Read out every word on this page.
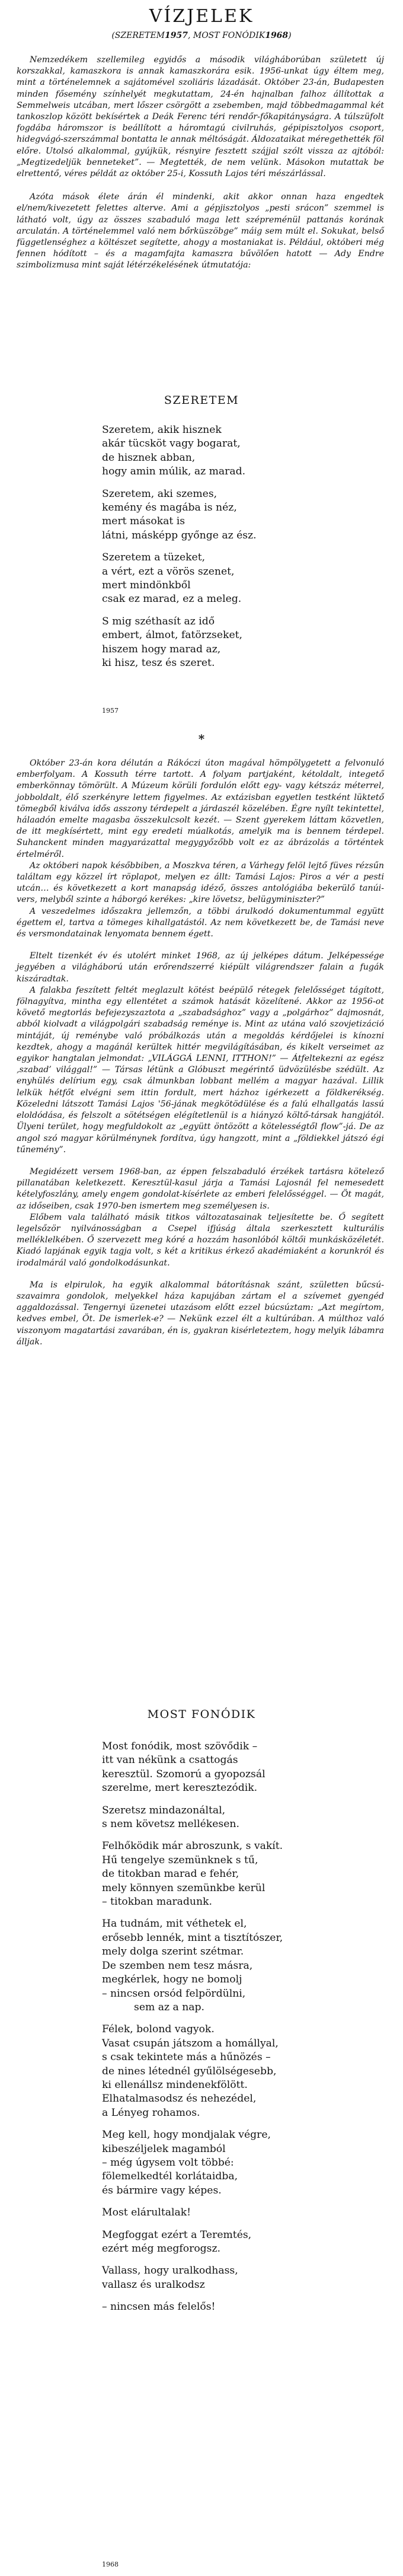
VÍZJELEK

(SZERETEM1957, MOST FONÓDIK1968)

Nemzedékem szellemileg egyidős a második világháborúban született új korszakkal, kamaszkora is annak kamaszkorára esik. 1956-unkat úgy éltem meg, mint a történelemnek a sajátomével szoliáris lázadását. Október 23-án, Budapesten minden fősemény színhelyét megkutattam, 24-én hajnalban falhoz állítottak a Semmelweis utcában, mert lőszer csörgött a zsebemben, majd többedmagammal két tankoszlop között bekísértek a Deák Ferenc téri rendőr-főkapitányságra. A túlszüfolt fogdába háromszor is beállított a háromtagú civilruhás, gépipisztolyos csoport, hidegvágó-szerszámmal bontatta le annak méltóságát. Áldozataikat méregethették föl előre. Utolsó alkalommal, gyújkük, résnyire fesztett szájjal szólt vissza az ajtóból: „Megtizedeljük benneteket”. — Megtették, de nem velünk. Másokon mutattak be elrettentő, véres példát az október 25-i, Kossuth Lajos téri mészárlással.

Azóta mások élete árán él mindenki, akit akkor onnan haza engedtek el/nem/kivezetett felettes alterve. Ami a gépjisztolyos „pesti srácon” szemmel is látható volt, úgy az összes szabaduló maga lett szépreménül pattanás korának arculatán. A történelemmel való nem bőrküszöbge” máig sem múlt el. Sokukat, belső függetlenséghez a költészet segítette, ahogy a mostaniakat is. Például, októberi még fennen hódított – és a magamfajta kamaszra bűvölően hatott — Ady Endre szimbolizmusa mint saját létérzékelésének útmutatója:

SZERETEM
Szeretem, akik hisznek
akár tücsköt vagy bogarat,
de hisznek abban,
hogy amin múlik, az marad.
Szeretem, aki szemes,
kemény és magába is néz,
mert másokat is
látni, másképp győnge az ész.
Szeretem a tüzeket,
a vért, ezt a vörös szenet,
mert mindönkből
csak ez marad, ez a meleg.
S mig széthasít az idő
embert, álmot, fatörzseket,
hiszem hogy marad az,
ki hisz, tesz és szeret.
1957
*

Október 23-án kora délután a Rákóczi úton magával hömpölygetett a felvonuló emberfolyam. A Kossuth térre tartott. A folyam partjaként, kétoldalt, integető emberkönnay tömörült. A Múzeum körüli fordulón előtt egy- vagy kétszáz méterrel, jobboldalt, élő szerkényre lettem figyelmes. Az extázisban egyetlen testként lüktető tömegből kiválva idős asszony térdepelt a járdaszél közelében. Égre nyílt tekintettel, hálaadón emelte magasba összekulcsolt kezét. — Szent gyerekem láttam közvetlen, de itt megkísértett, mint egy eredeti múalkotás, amelyik ma is bennem térdepel. Suhanckent minden magyarázattal megygyőzőbb volt ez az ábrázolás a történtek értelméről.

Az októberi napok későbbiben, a Moszkva téren, a Várhegy felöl lejtő füves rézsűn találtam egy közzel írt röplapot, melyen ez állt: Tamási Lajos: Piros a vér a pesti utcán… és következett a kort manapság idéző, összes antológiába bekerülő tanúi-vers, melyből szinte a háborgó kerékes: „kire lövetsz, belügyminiszter?”

A veszedelmes időszakra jellemzőn, a többi árulkodó dokumentummal együtt égettem el, tartva a tömeges kihallgatástól. Az nem következett be, de Tamási neve és versmondatainak lenyomata bennem égett.

Eltelt tizenkét év és utolért minket 1968, az új jelképes dátum. Jelképessége jegyében a világháború után erőrendszerré kiépült világrendszer falain a fugák kiszáradtak.

A falakba feszített feltét meglazult kötést beépülő rétegek felelősséget tágított, fölnagyítva, mintha egy ellentétet a számok hatását közelítené. Akkor az 1956-ot követő megtorlás befejezyszaztota a „szabadsághoz” vagy a „polgárhoz” dajmosnát, abból kiolvadt a világpolgári szabadság reménye is. Mint az utána való szovjetizáció mintáját, új reménybe való próbálkozás után a megoldás kérdőjelei is kínozni kezdtek, ahogy a magánál kerültek hittér megvilágításában, és kikelt verseimet az egyikor hangtalan jelmondat: „VILÁGGÁ LENNI, ITTHON!” — Átfeltekezni az egész ‚szabad’ világgal!” — Társas létünk a Glóbuszt megérintő üdvözülésbe szédült. Az enyhülés delírium egy, csak álmunkban lobbant mellém a magyar hazával. Lillik lelkük hétfőt elvégni sem ittin fordult, mert házhoz igérkezett a földkerékség. Közeledni látszott Tamási Lajos '56-jának megkötödülése és a falú elhallgatás lassú eloldódása, és felszolt a sötétségen elégítetlenül is a hiányzó költő-társak hangjától. Ülyeni terület, hogy megfuldokolt az „együtt öntözött a kötelességtől flow”-já. De az angol szó magyar körülménynek fordítva, úgy hangzott, mint a „földiekkel játszó égi tűnemény”.

Megidézett versem 1968-ban, az éppen felszabaduló érzékek tartásra kötelező pillanatában keletkezett. Keresztül-kasul járja a Tamási Lajosnál fel nemesedett kételyfoszlány, amely engem gondolat-kísérlete az emberi felelősséggel. — Öt magát, az időseiben, csak 1970-ben ismertem meg személyesen is.

Előbem vala található másik titkos változatasainak teljesítette be. Ő segített legelsőzör nyilvánosságban a Csepel ifjúság általa szerkesztett kulturális melléklelkében. Ő szervezett meg kóré a hozzám hasonlóból költői munkásközéletét. Kiadó lapjának egyik tagja volt, s két a kritikus érkező akadémiaként a korunkról és irodalmárál való gondolkodásunkat.

Ma is elpirulok, ha egyik alkalommal bátorításnak szánt, születten bűcsú-szavaimra gondolok, melyekkel háza kapujában zártam el a szívemet gyengéd aggaldozással. Tengernyi üzenetei utazásom előtt ezzel búcsúztam: „Azt megírtom, kedves embel, Öt. De ismerlek-e? — Nekünk ezzel élt a kultúrában. A múlthoz való viszonyom magatartási zavarában, én is, gyakran kisérleteztem, hogy melyik lábamra álljak.

MOST FONÓDIK
Most fonódik, most szövődik –
itt van nékünk a csattogás
keresztül. Szomorú a gyopozsál
szerelme, mert keresztezódik.
Szeretsz mindazonáltal,
s nem követsz mellékesen.
Felhőködik már abroszunk, s vakít.
Hű tengelye szemünknek s tű,
de titokban marad e fehér,
mely könnyen szemünkbe kerül
– titokban maradunk.
Ha tudnám, mit véthetek el,
erősebb lennék, mint a tisztítószer,
mely dolga szerint szétmar.
De szemben nem tesz másra,
megkérlek, hogy ne bomolj
– nincsen orsód felpördülni,
sem az a nap.
Félek, bolond vagyok.
Vasat csupán játszom a homállyal,
s csak tekintete más a hűnözés –
de nines létednél gyűlölségesebb,
ki ellenállsz mindenekfölött.
Elhatalmasodsz és nehezédel,
a Lényeg rohamos.
Meg kell, hogy mondjalak végre,
kibeszéljelek magamból
– még úgysem volt többé:
fölemelkedtél korlátaidba,
és bármire vagy képes.
Most elárultalak!
Megfoggat ezért a Teremtés,
ezért még megforogsz.
Vallass, hogy uralkodhass,
vallasz és uralkodsz
– nincsen más felelős!
1968
